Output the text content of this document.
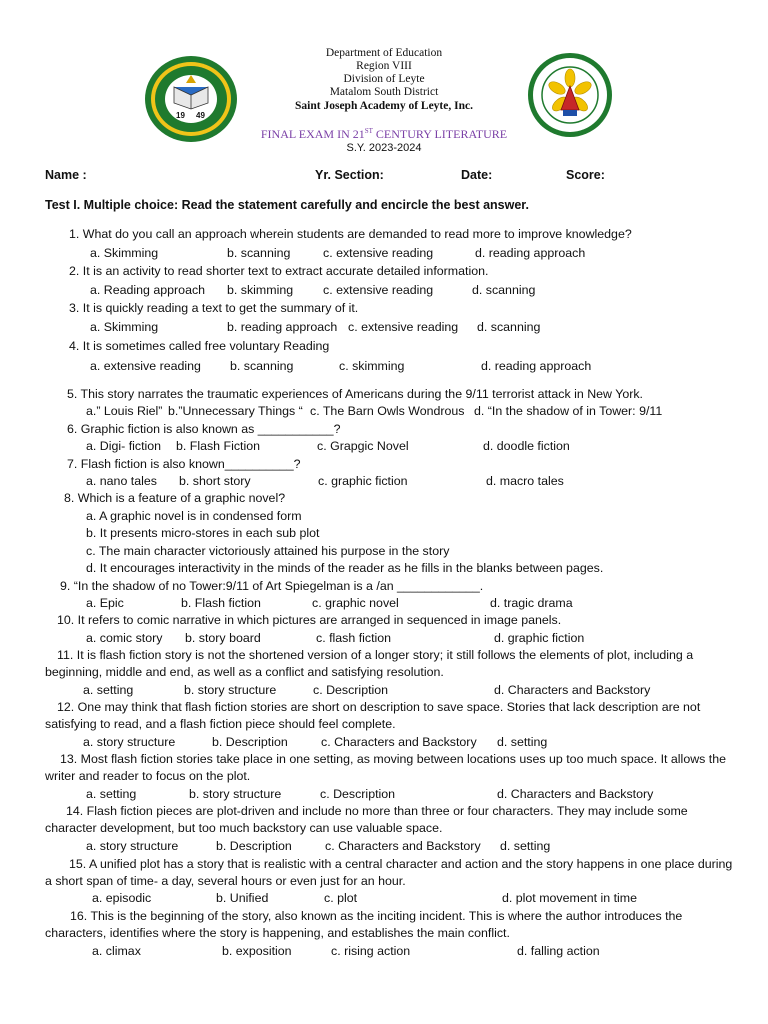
19 49
Department of Education
Region VIII
Division of Leyte
Matalom South District
Saint Joseph Academy of Leyte, Inc.
FINAL EXAM IN 21ST CENTURY LITERATURE
S.Y. 2023-2024
Name :	Yr. Section:	Date:	Score:
Test I. Multiple choice: Read the statement carefully and encircle the best answer.
1. What do you call an approach wherein students are demanded to read more to improve knowledge?
a. Skimming	b. scanning	c. extensive reading	d. reading approach
2. It is an activity to read shorter text to extract accurate detailed information.
a. Reading approach b. skimming c. extensive reading	d. scanning
3. It is quickly reading a text to get the summary of it.
a. Skimming	b. reading approach c. extensive reading d. scanning
4. It is sometimes called free voluntary Reading
a. extensive reading b. scanning	c. skimming	d. reading approach
5. This story narrates the traumatic experiences of Americans during the 9/11 terrorist attack in New York.
a.” Louis Riel” b.”Unnecessary Things “ c. The Barn Owls Wondrous d. “In the shadow of in Tower: 9/11
6. Graphic fiction is also known as ___________?
a. Digi- fiction b. Flash Fiction	c. Grapgic Novel	d. doodle fiction
7. Flash fiction is also known__________?
a. nano tales b. short story	c. graphic fiction	d. macro tales
8. Which is a feature of a graphic novel?
a. A graphic novel is in condensed form
b. It presents micro-stores in each sub plot
c. The main character victoriously attained his purpose in the story
d. It encourages interactivity in the minds of the reader as he fills in the blanks between pages.
9. “In the shadow of no Tower:9/11 of Art Spiegelman is a /an ____________.
a. Epic	b. Flash fiction	c. graphic novel	d. tragic drama
10. It refers to comic narrative in which pictures are arranged in sequenced in image panels.
a. comic story b. story board	c. flash fiction	d. graphic fiction
11. It is flash fiction story is not the shortened version of a longer story; it still follows the elements of plot, including a beginning, middle and end, as well as a conflict and satisfying resolution.
a. setting	b. story structure	c. Description	d. Characters and Backstory
12. One may think that flash fiction stories are short on description to save space. Stories that lack description are not satisfying to read, and a flash fiction piece should feel complete.
a. story structure	b. Description	c. Characters and Backstory d. setting
13. Most flash fiction stories take place in one setting, as moving between locations uses up too much space. It allows the writer and reader to focus on the plot.
a. setting	b. story structure	c. Description	d. Characters and Backstory
14. Flash fiction pieces are plot-driven and include no more than three or four characters. They may include some character development, but too much backstory can use valuable space.
a. story structure	b. Description	c. Characters and Backstory d. setting
15. A unified plot has a story that is realistic with a central character and action and the story happens in one place during a short span of time- a day, several hours or even just for an hour.
a. episodic	b. Unified	c. plot	d. plot movement in time
16. This is the beginning of the story, also known as the inciting incident. This is where the author introduces the characters, identifies where the story is happening, and establishes the main conflict.
a. climax	b. exposition	c. rising action	d. falling action
